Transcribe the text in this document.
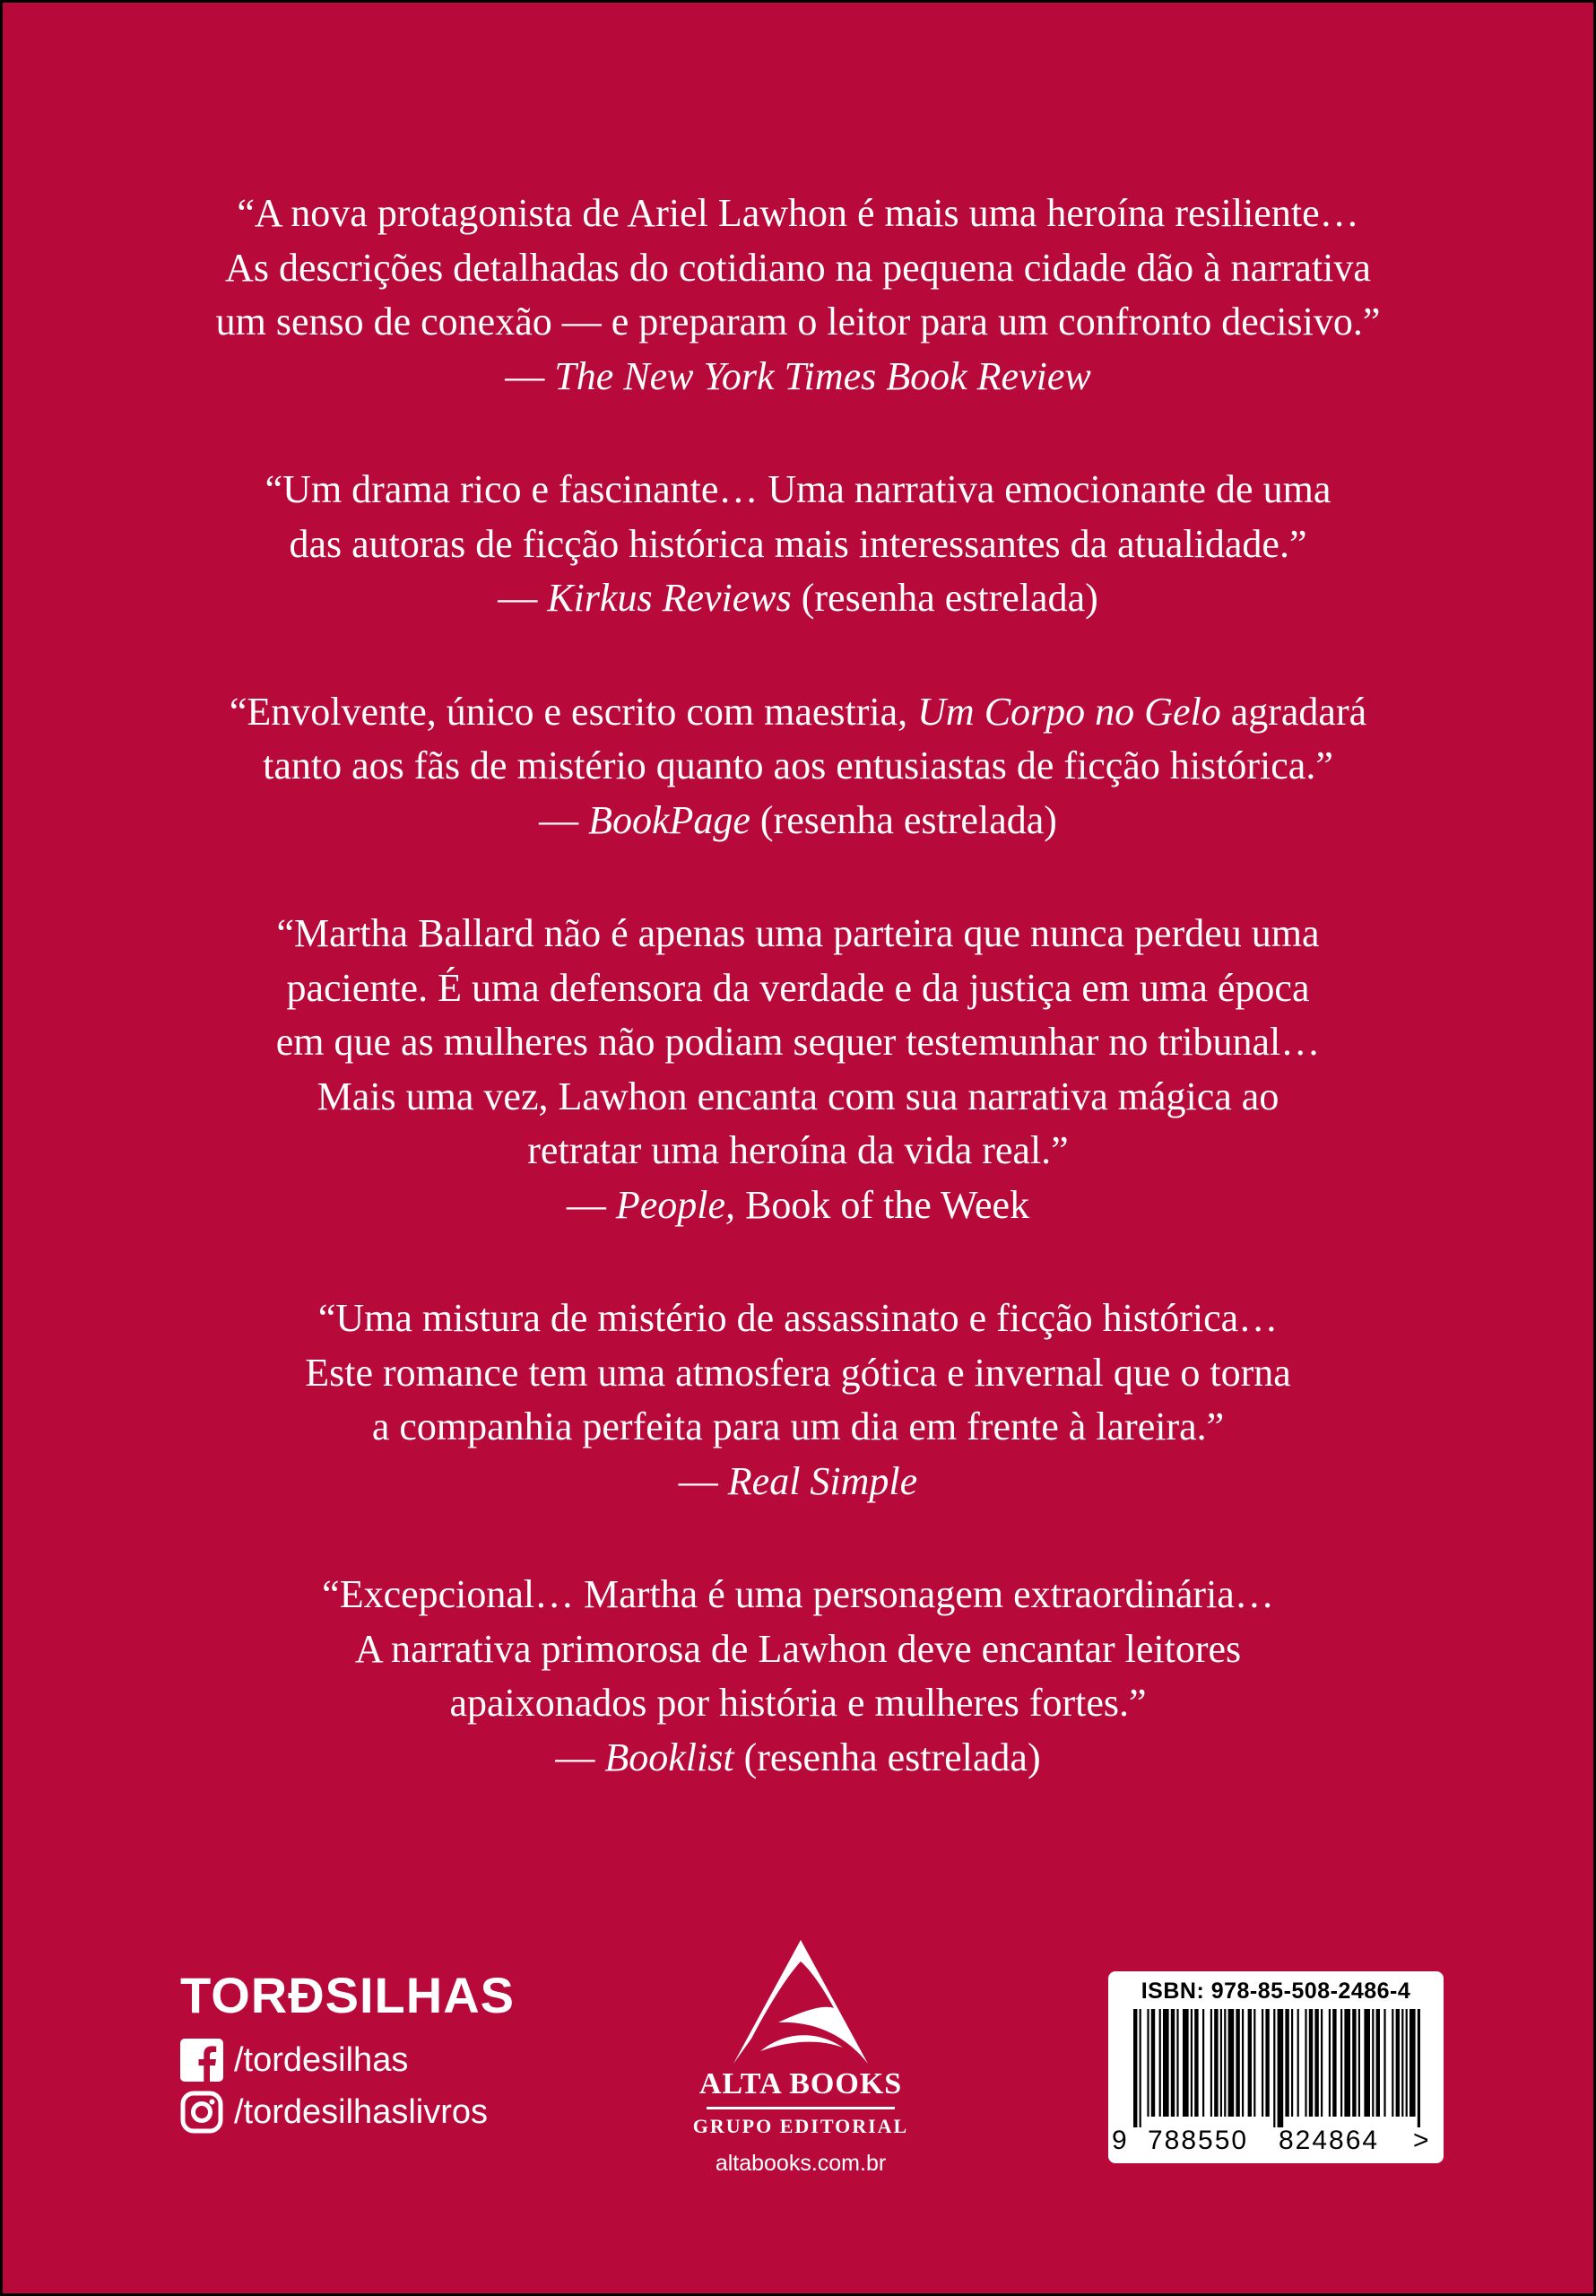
“A nova protagonista de Ariel Lawhon é mais uma heroína resiliente…

As descrições detalhadas do cotidiano na pequena cidade dão à narrativa

um senso de conexão — e preparam o leitor para um confronto decisivo.”

— The New York Times Book Review

“Um drama rico e fascinante… Uma narrativa emocionante de uma

das autoras de ficção histórica mais interessantes da atualidade.”

— Kirkus Reviews (resenha estrelada)

“Envolvente, único e escrito com maestria, Um Corpo no Gelo agradará

tanto aos fãs de mistério quanto aos entusiastas de ficção histórica.”

— BookPage (resenha estrelada)

“Martha Ballard não é apenas uma parteira que nunca perdeu uma

paciente. É uma defensora da verdade e da justiça em uma época

em que as mulheres não podiam sequer testemunhar no tribunal…

Mais uma vez, Lawhon encanta com sua narrativa mágica ao

retratar uma heroína da vida real.”

— People, Book of the Week

“Uma mistura de mistério de assassinato e ficção histórica…

Este romance tem uma atmosfera gótica e invernal que o torna

a companhia perfeita para um dia em frente à lareira.”

— Real Simple

“Excepcional… Martha é uma personagem extraordinária…

A narrativa primorosa de Lawhon deve encantar leitores

apaixonados por história e mulheres fortes.”

— Booklist (resenha estrelada)

TORĐSILHAS
/tordesilhas
/tordesilhaslivros
ALTA BOOKS
GRUPO EDITORIAL
altabooks.com.br
ISBN: 978-85-508-2486-4
9 788550 824864 >
